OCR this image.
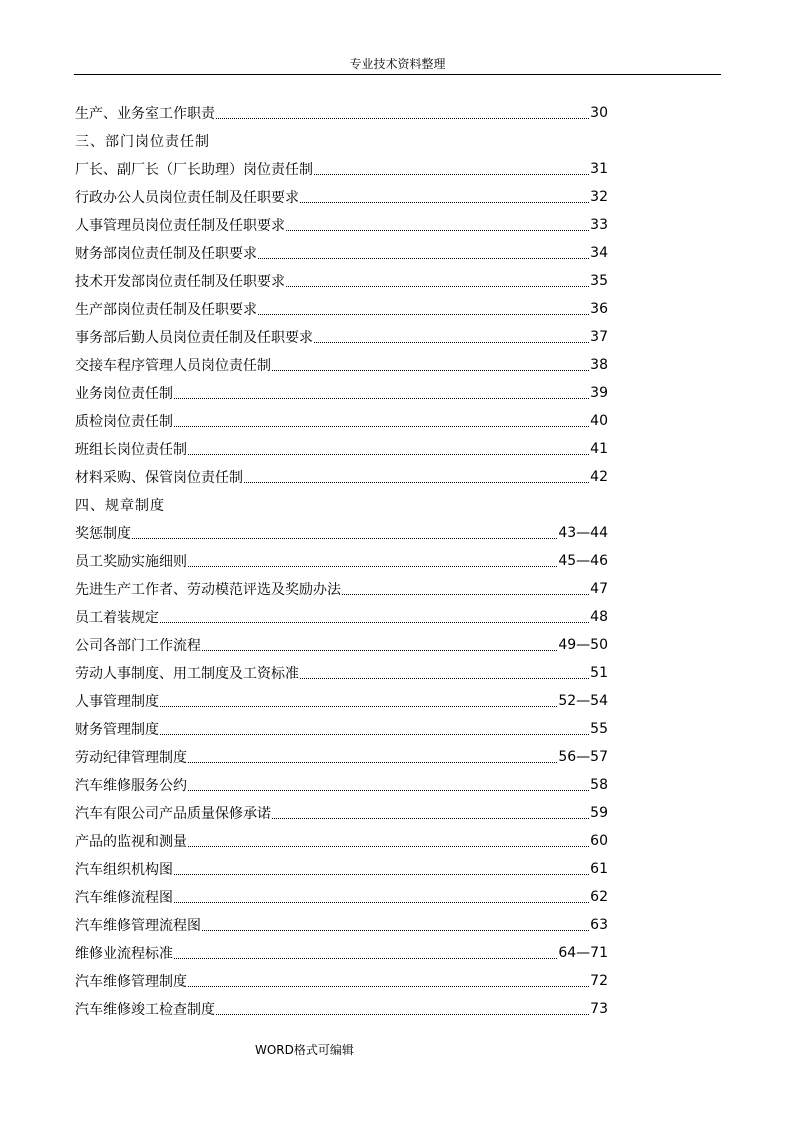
专业技术资料整理
生产、业务室工作职责	30
三、部门岗位责任制
厂长、副厂长（厂长助理）岗位责任制	31
行政办公人员岗位责任制及任职要求	32
人事管理员岗位责任制及任职要求	33
财务部岗位责任制及任职要求	34
技术开发部岗位责任制及任职要求	35
生产部岗位责任制及任职要求	36
事务部后勤人员岗位责任制及任职要求	37
交接车程序管理人员岗位责任制	38
业务岗位责任制	39
质检岗位责任制	40
班组长岗位责任制	41
材料采购、保管岗位责任制	42
四、规章制度
奖惩制度	43—44
员工奖励实施细则	45—46
先进生产工作者、劳动模范评选及奖励办法	47
员工着装规定	48
公司各部门工作流程	49—50
劳动人事制度、用工制度及工资标准	51
人事管理制度	52—54
财务管理制度	55
劳动纪律管理制度	56—57
汽车维修服务公约	58
汽车有限公司产品质量保修承诺	59
产品的监视和测量	60
汽车组织机构图	61
汽车维修流程图	62
汽车维修管理流程图	63
维修业流程标准	64—71
汽车维修管理制度	72
汽车维修竣工检查制度	73
WORD格式可编辑
